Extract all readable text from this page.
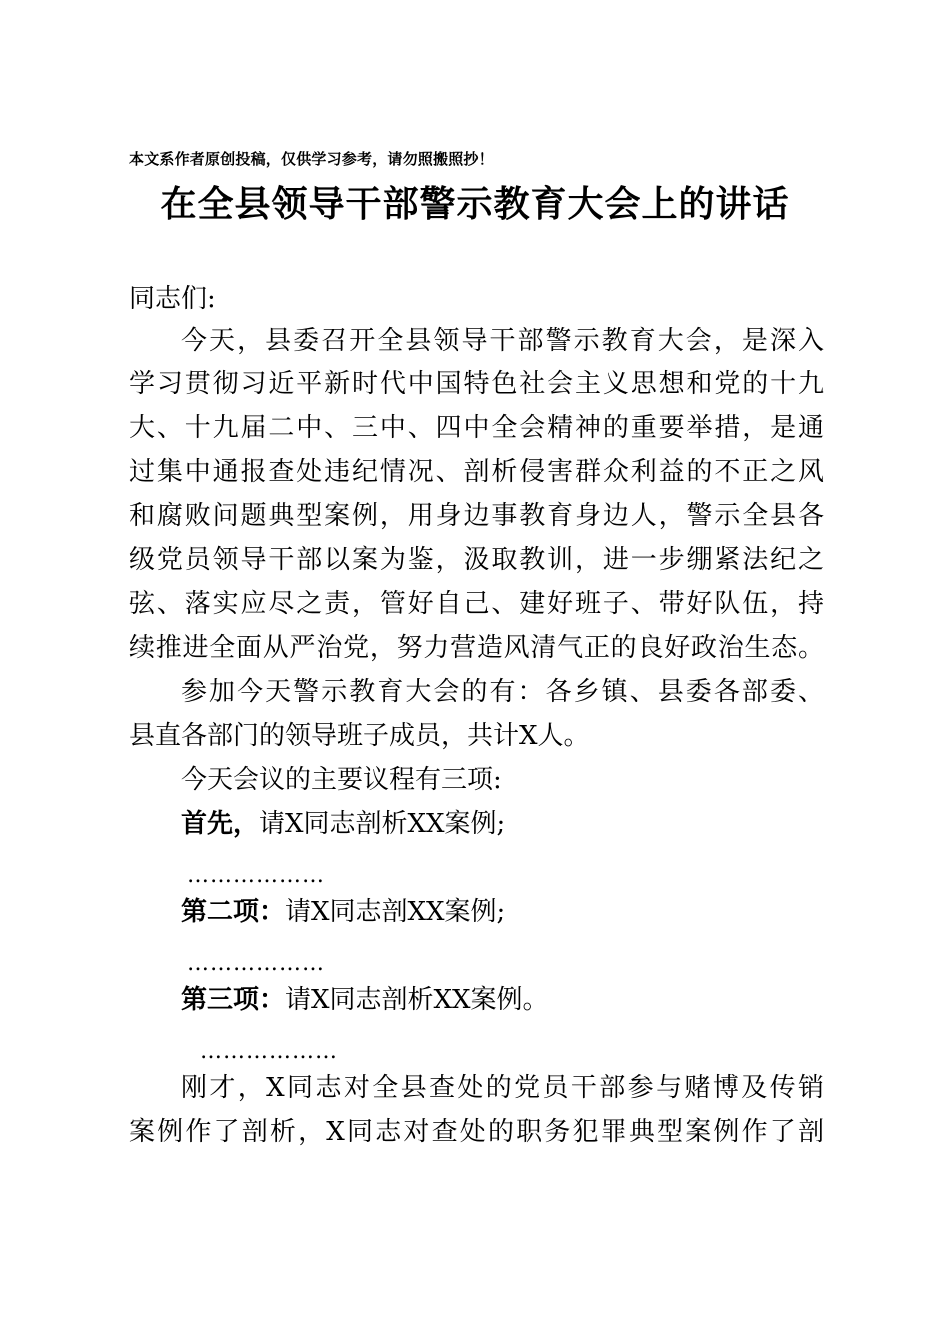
本文系作者原创投稿，仅供学习参考，请勿照搬照抄！
在全县领导干部警示教育大会上的讲话
同志们:
今天，县委召开全县领导干部警示教育大会，是深入
学习贯彻习近平新时代中国特色社会主义思想和党的十九
大、十九届二中、三中、四中全会精神的重要举措，是通
过集中通报查处违纪情况、剖析侵害群众利益的不正之风
和腐败问题典型案例，用身边事教育身边人，警示全县各
级党员领导干部以案为鉴，汲取教训，进一步绷紧法纪之
弦、落实应尽之责，管好自己、建好班子、带好队伍，持
续推进全面从严治党，努力营造风清气正的良好政治生态。
参加今天警示教育大会的有：各乡镇、县委各部委、
县直各部门的领导班子成员，共计X人。
今天会议的主要议程有三项:
首先，请X同志剖析XX案例;
………………
第二项：请X同志剖XX案例;
………………
第三项：请X同志剖析XX案例。
………………
刚才，X同志对全县查处的党员干部参与赌博及传销
案例作了剖析，X同志对查处的职务犯罪典型案例作了剖
